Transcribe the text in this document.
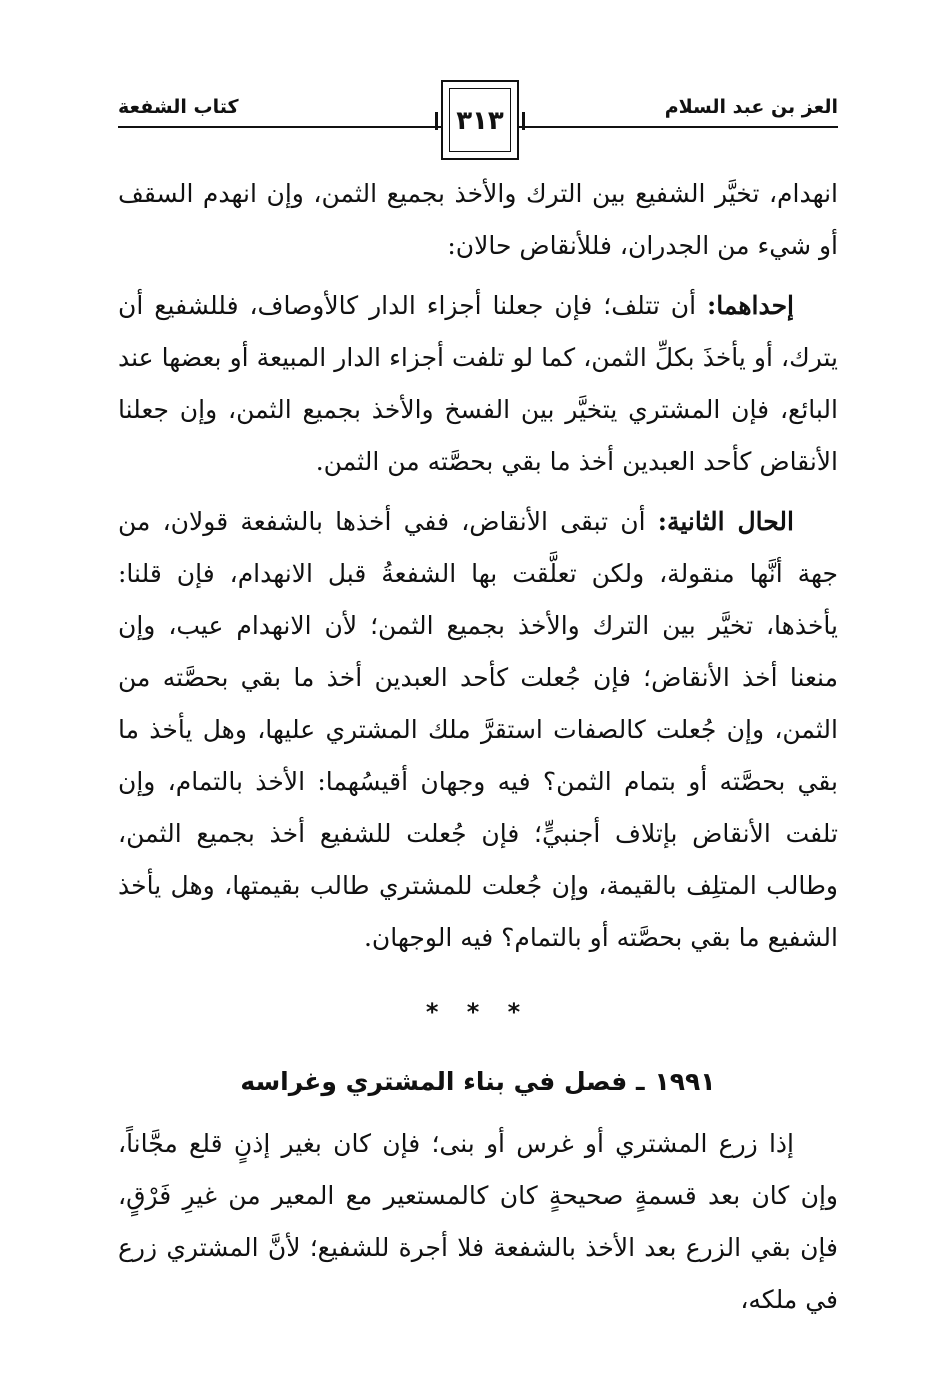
العز بن عبد السلام
كتاب الشفعة	٣١٣

انهدام، تخيَّر الشفيع بين الترك والأخذ بجميع الثمن، وإن انهدم السقف أو شيء من الجدران، فللأنقاض حالان:

إحداهما: أن تتلف؛ فإن جعلنا أجزاء الدار كالأوصاف، فللشفيع أن يترك، أو يأخذَ بكلِّ الثمن، كما لو تلفت أجزاء الدار المبيعة أو بعضها عند البائع، فإن المشتري يتخيَّر بين الفسخ والأخذ بجميع الثمن، وإن جعلنا الأنقاض كأحد العبدين أخذ ما بقي بحصَّته من الثمن.

الحال الثانية: أن تبقى الأنقاض، ففي أخذها بالشفعة قولان، من جهة أنَّها منقولة، ولكن تعلَّقت بها الشفعةُ قبل الانهدام، فإن قلنا: يأخذها، تخيَّر بين الترك والأخذ بجميع الثمن؛ لأن الانهدام عيب، وإن منعنا أخذ الأنقاض؛ فإن جُعلت كأحد العبدين أخذ ما بقي بحصَّته من الثمن، وإن جُعلت كالصفات استقرَّ ملك المشتري عليها، وهل يأخذ ما بقي بحصَّته أو بتمام الثمن؟ فيه وجهان أقيسُهما: الأخذ بالتمام، وإن تلفت الأنقاض بإتلاف أجنبيٍّ؛ فإن جُعلت للشفيع أخذ بجميع الثمن، وطالب المتلِف بالقيمة، وإن جُعلت للمشتري طالب بقيمتها، وهل يأخذ الشفيع ما بقي بحصَّته أو بالتمام؟ فيه الوجهان.

* * *
١٩٩١ـ فصل في بناء المشتري وغراسه

إذا زرع المشتري أو غرس أو بنى؛ فإن كان بغير إذنٍ قلع مجَّاناً، وإن كان بعد قسمةٍ صحيحةٍ كان كالمستعير مع المعير من غيرِ فَرْقٍ، فإن بقي الزرع بعد الأخذ بالشفعة فلا أجرة للشفيع؛ لأنَّ المشتري زرع في ملكه،
